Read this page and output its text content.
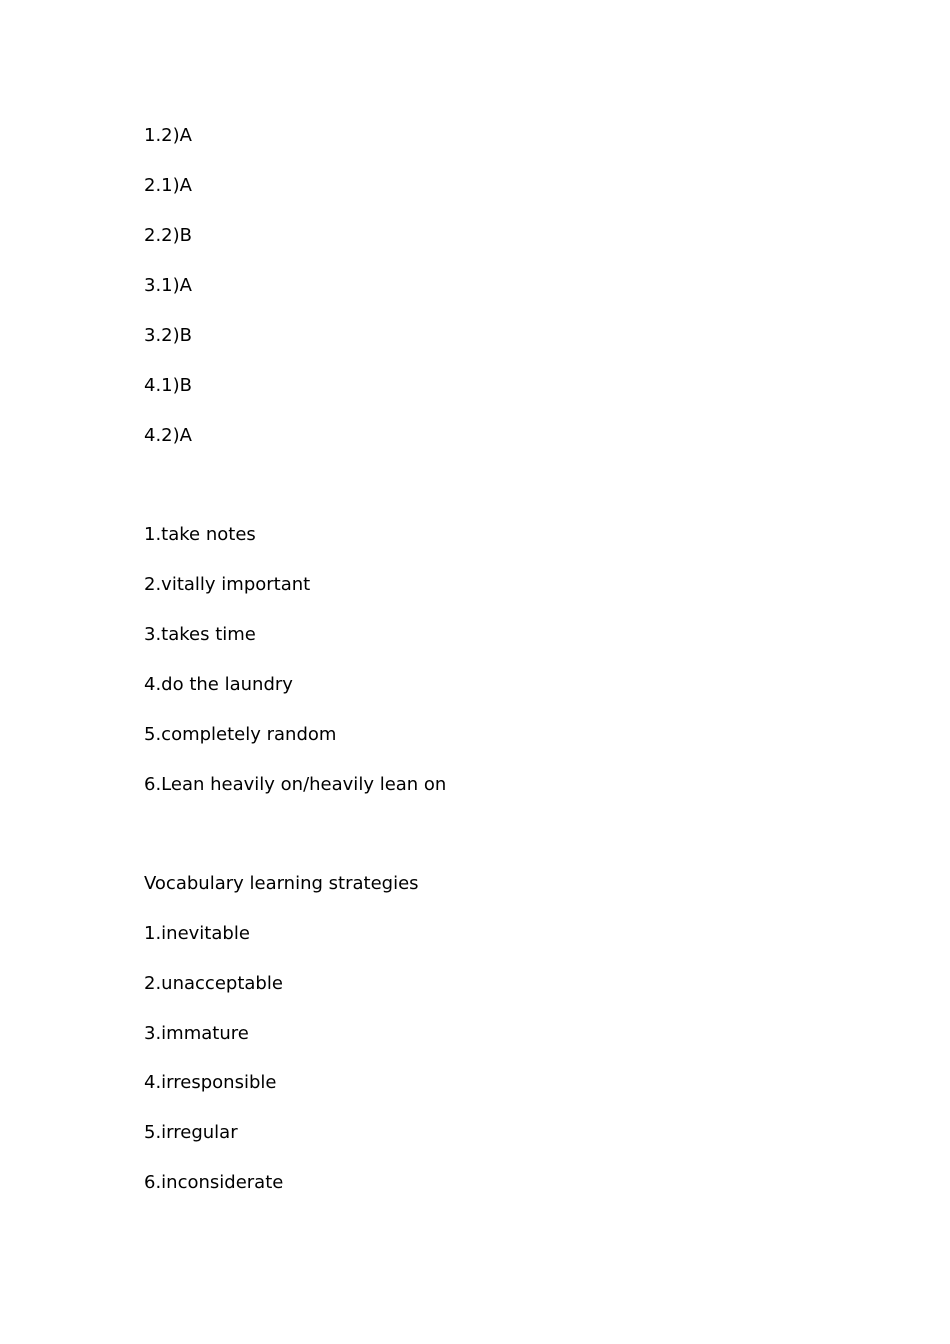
1.2)A
2.1)A
2.2)B
3.1)A
3.2)B
4.1)B
4.2)A
1.take notes
2.vitally important
3.takes time
4.do the laundry
5.completely random
6.Lean heavily on/heavily lean on
Vocabulary learning strategies
1.inevitable
2.unacceptable
3.immature
4.irresponsible
5.irregular
6.inconsiderate
